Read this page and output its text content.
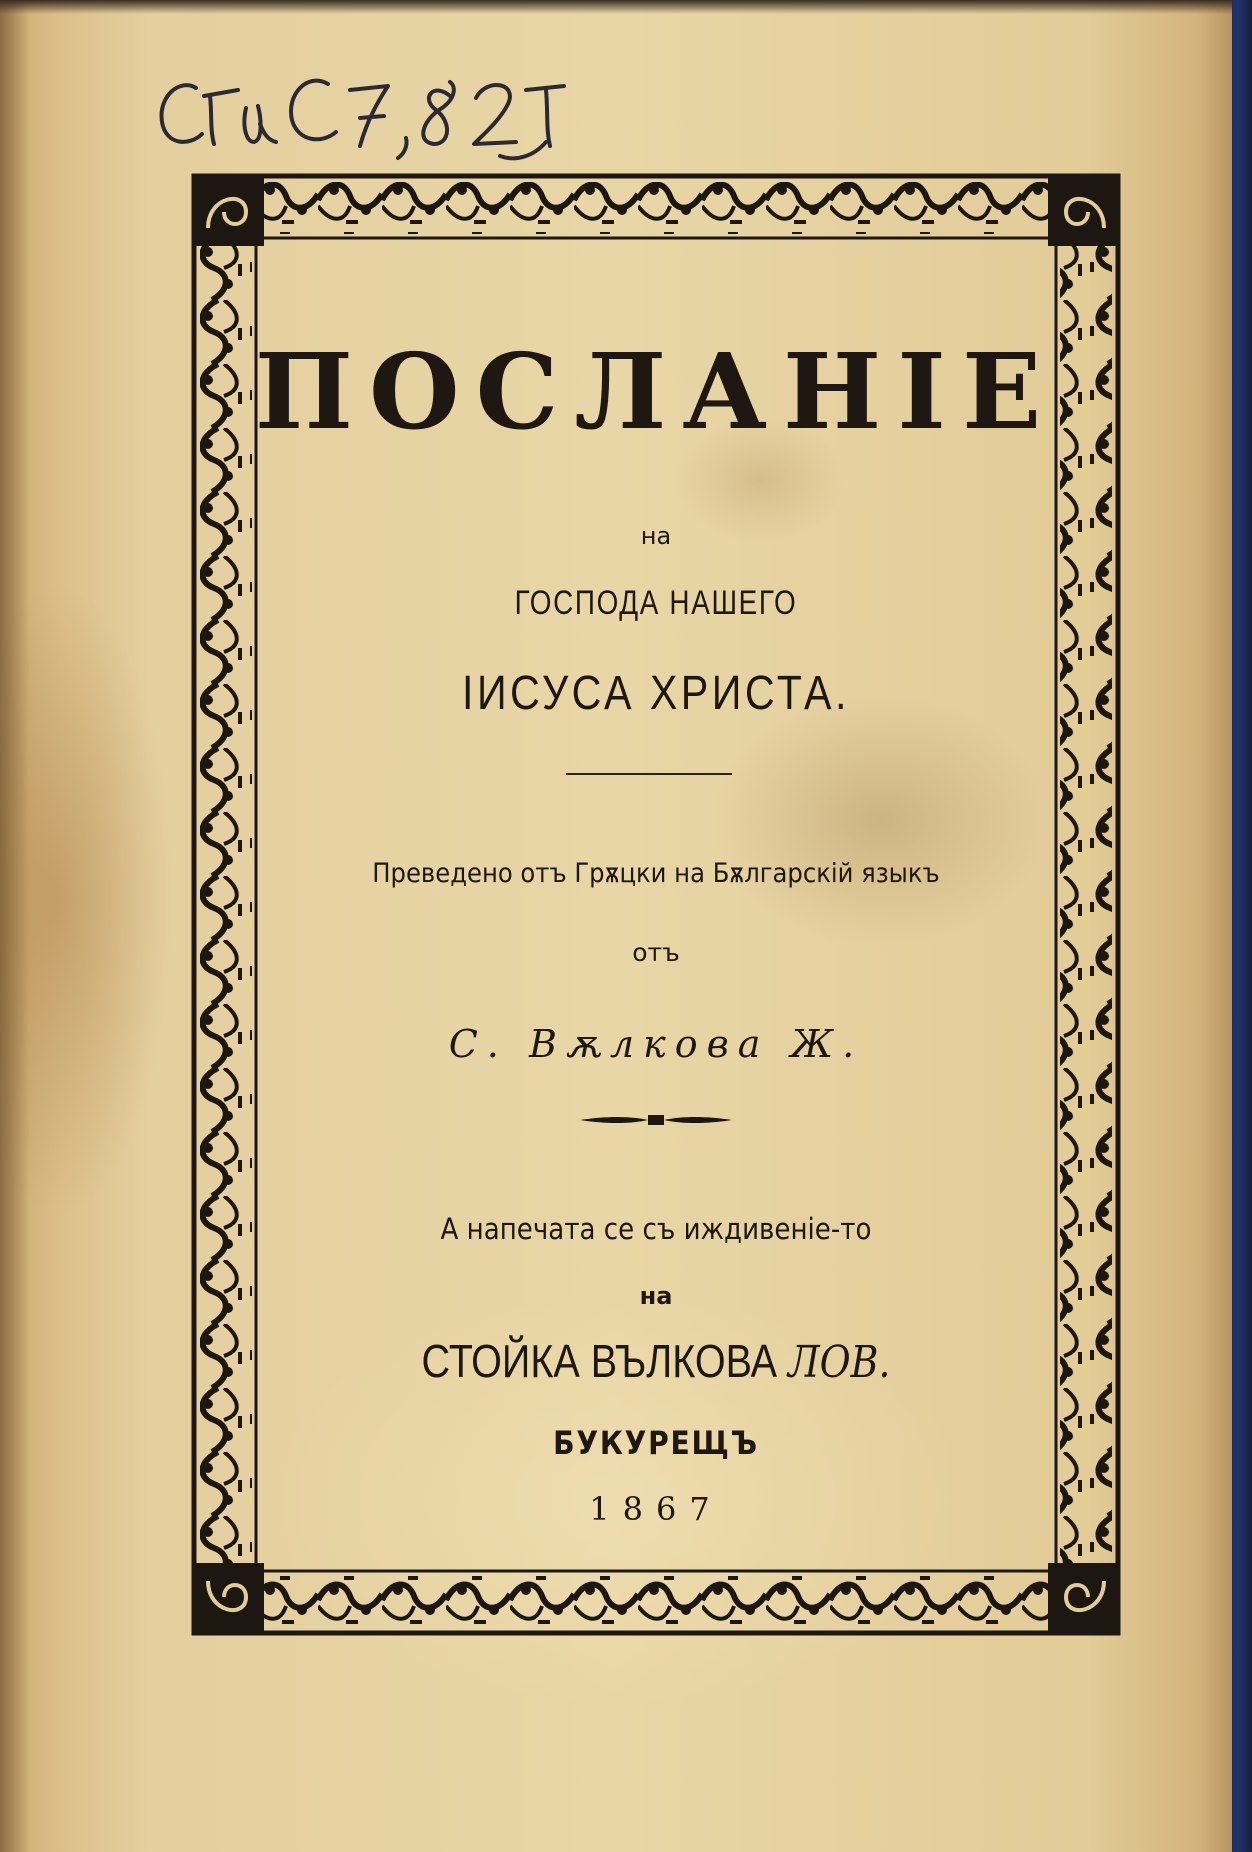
ПОСЛАНІЕ
на
ГОСПОДА НАШЕГО
ІИСУСА ХРИСТА.
Преведено отъ Грѫцки на Бѫлгарскій языкъ
отъ
С. Вѫлкова Ж.
А напечата се съ иждивеніе-то
на
СТОЙКА ВЪЛКОВА ЛОВ.
БУКУРЕЩЪ
1867
